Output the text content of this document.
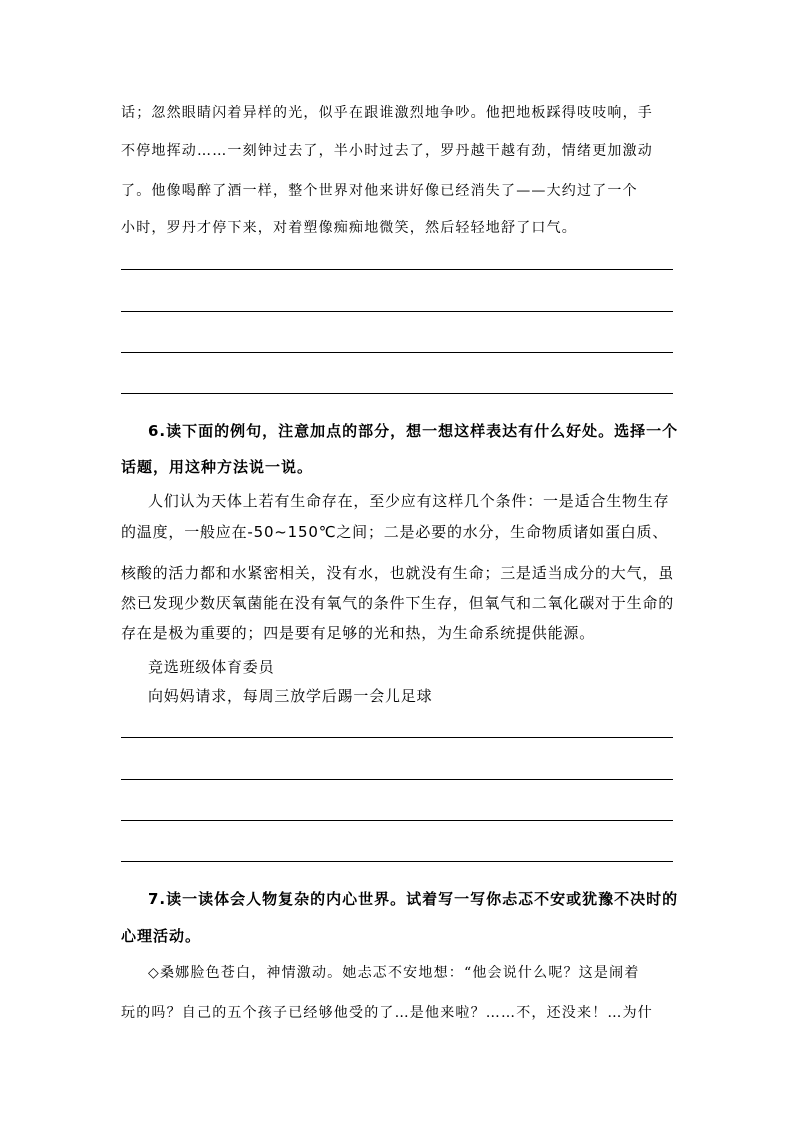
话；忽然眼睛闪着异样的光，似乎在跟谁激烈地争吵。他把地板踩得吱吱响，手
不停地挥动……一刻钟过去了，半小时过去了，罗丹越干越有劲，情绪更加激动
了。他像喝醉了酒一样，整个世界对他来讲好像已经消失了——大约过了一个
小时，罗丹才停下来，对着塑像痴痴地微笑，然后轻轻地舒了口气。
6.读下面的例句，注意加点的部分，想一想这样表达有什么好处。选择一个
话题，用这种方法说一说。
人们认为天体上若有生命存在，至少应有这样几个条件：一是适合生物生存
的温度，一般应在-50~150℃之间；二是必要的水分，生命物质诸如蛋白质、
核酸的活力都和水紧密相关，没有水，也就没有生命；三是适当成分的大气，虽
然已发现少数厌氧菌能在没有氧气的条件下生存，但氧气和二氧化碳对于生命的
存在是极为重要的；四是要有足够的光和热，为生命系统提供能源。
竞选班级体育委员
向妈妈请求，每周三放学后踢一会儿足球
7.读一读体会人物复杂的内心世界。试着写一写你忐忑不安或犹豫不决时的
心理活动。
◇桑娜脸色苍白，神情激动。她忐忑不安地想：“他会说什么呢？这是闹着
玩的吗？自己的五个孩子已经够他受的了…是他来啦？……不，还没来！…为什
